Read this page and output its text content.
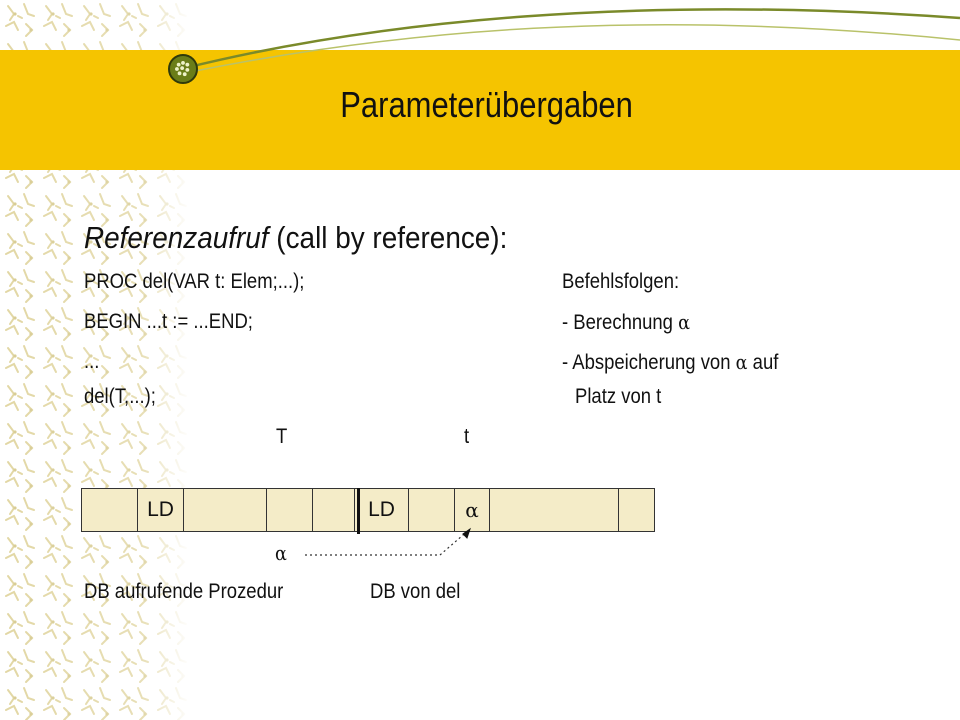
Parameterübergaben
Referenzaufruf (call by reference):
PROC del(VAR t: Elem;...);
BEGIN ...t := ...END;
...
del(T,...);
Befehlsfolgen:
- Berechnung α
- Abspeicherung von α auf
Platz von t
T	t
LD	LD	α
α
DB aufrufende Prozedur	DB von del
